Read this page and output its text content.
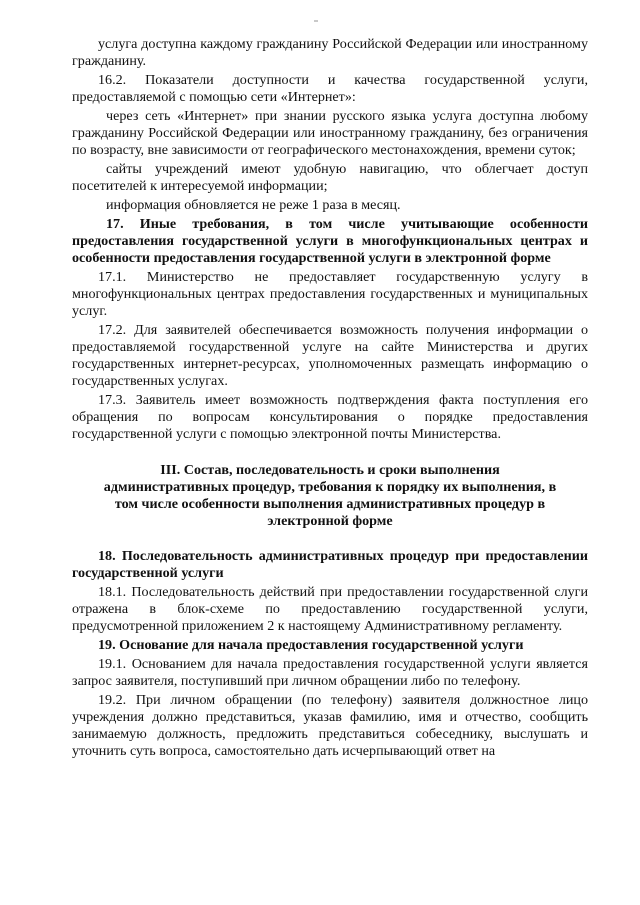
услуга доступна каждому гражданину Российской Федерации или иностранному гражданину.

16.2. Показатели доступности и качества государственной услуги, предоставляемой с помощью сети «Интернет»:

через сеть «Интернет» при знании русского языка услуга доступна любому гражданину Российской Федерации или иностранному гражданину, без ограничения по возрасту, вне зависимости от географического местонахождения, времени суток;

сайты учреждений имеют удобную навигацию, что облегчает доступ посетителей к интересуемой информации;

информация обновляется не реже 1 раза в месяц.

17. Иные требования, в том числе учитывающие особенности предоставления государственной услуги в многофункциональных центрах и особенности предоставления государственной услуги в электронной форме

17.1. Министерство не предоставляет государственную услугу в многофункциональных центрах предоставления государственных и муниципальных услуг.

17.2. Для заявителей обеспечивается возможность получения информации о предоставляемой государственной услуге на сайте Министерства и других государственных интернет-ресурсах, уполномоченных размещать информацию о государственных услугах.

17.3. Заявитель имеет возможность подтверждения факта поступления его обращения по вопросам консультирования о порядке предоставления государственной услуги с помощью электронной почты Министерства.

III. Состав, последовательность и сроки выполнения
административных процедур, требования к порядку их выполнения, в
том числе особенности выполнения административных процедур в
электронной форме

18. Последовательность административных процедур при предоставлении государственной услуги

18.1. Последовательность действий при предоставлении государственной слуги отражена в блок-схеме по предоставлению государственной услуги, предусмотренной приложением 2 к настоящему Административному регламенту.

19. Основание для начала предоставления государственной услуги

19.1. Основанием для начала предоставления государственной услуги является запрос заявителя, поступивший при личном обращении либо по телефону.

19.2. При личном обращении (по телефону) заявителя должностное лицо учреждения должно представиться, указав фамилию, имя и отчество, сообщить занимаемую должность, предложить представиться собеседнику, выслушать и уточнить суть вопроса, самостоятельно дать исчерпывающий ответ на
